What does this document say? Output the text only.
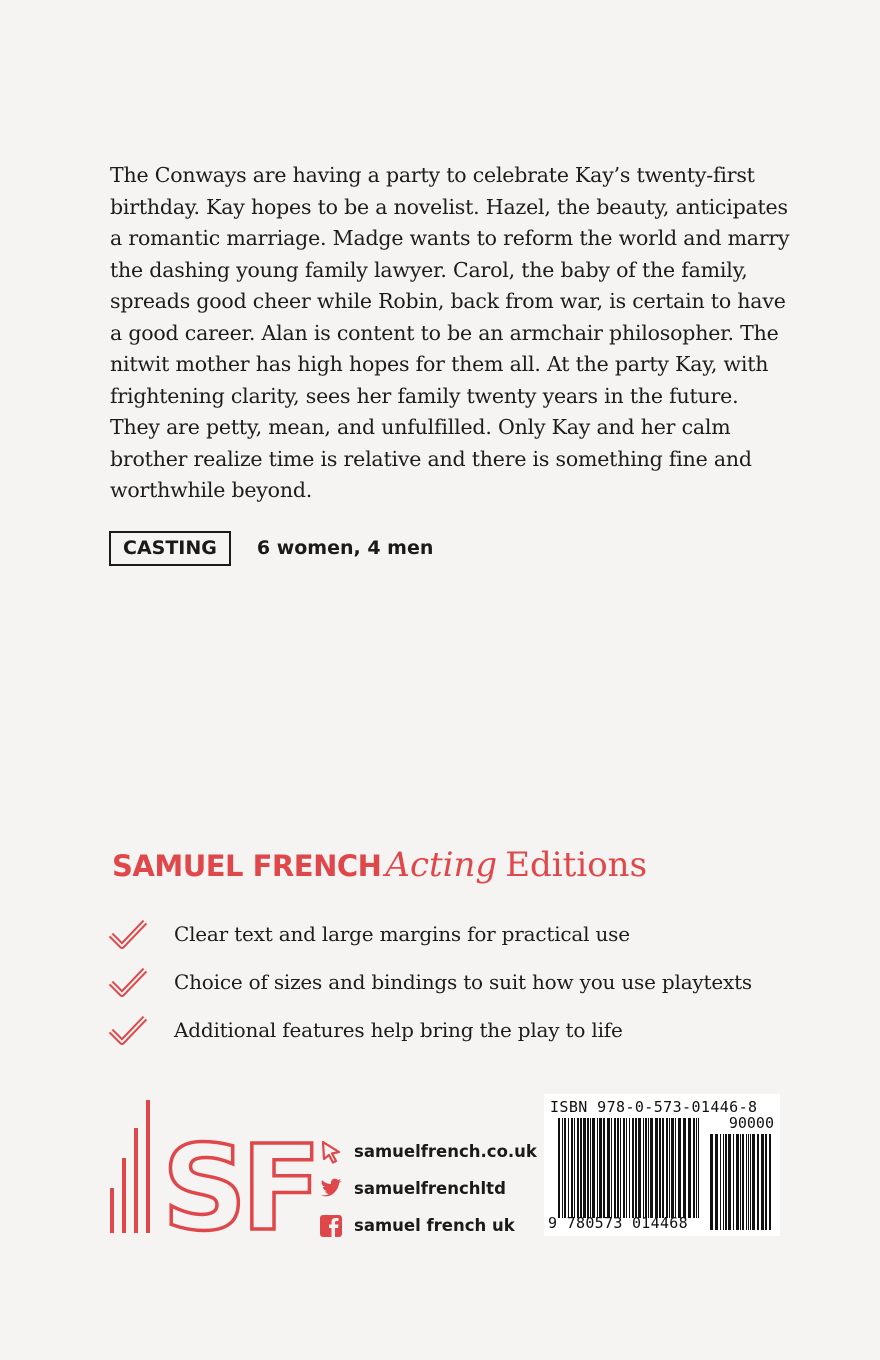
The Conways are having a party to celebrate Kay’s twenty-first birthday. Kay hopes to be a novelist. Hazel, the beauty, anticipates a romantic marriage. Madge wants to reform the world and marry the dashing young family lawyer. Carol, the baby of the family, spreads good cheer while Robin, back from war, is certain to have a good career. Alan is content to be an armchair philosopher. The nitwit mother has high hopes for them all. At the party Kay, with frightening clarity, sees her family twenty years in the future. They are petty, mean, and unfulfilled. Only Kay and her calm brother realize time is relative and there is something fine and worthwhile beyond.

CASTING	6 women, 4 men
SAMUEL FRENCH Acting Editions
Clear text and large margins for practical use
Choice of sizes and bindings to suit how you use playtexts
Additional features help bring the play to life
SF samuelfrench.co.uk
samuelfrenchltd
samuel french uk
ISBN 978-0-573-01446-8
90000
9 780573 014468
